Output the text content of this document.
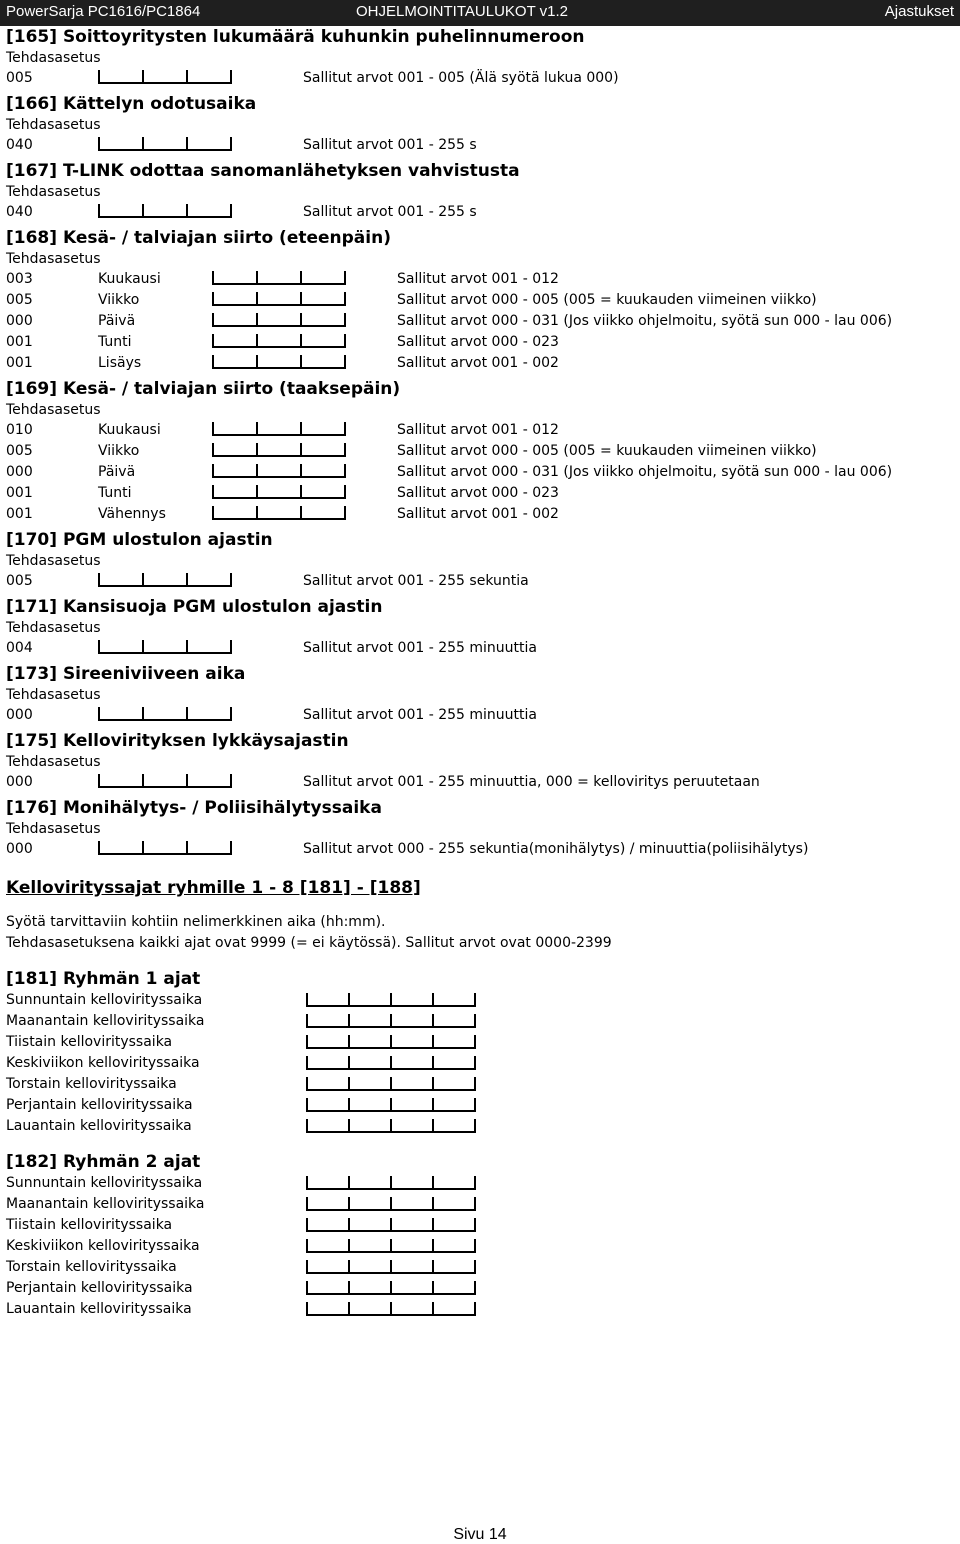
PowerSarja PC1616/PC1864	OHJELMOINTITAULUKOT v1.2	Ajastukset
[165] Soittoyritysten lukumäärä kuhunkin puhelinnumeroon
Tehdasasetus
005	Sallitut arvot 001 - 005 (Älä syötä lukua 000)
[166] Kättelyn odotusaika
Tehdasasetus
040	Sallitut arvot 001 - 255 s
[167] T-LINK odottaa sanomanlähetyksen vahvistusta
Tehdasasetus
040	Sallitut arvot 001 - 255 s
[168] Kesä- / talviajan siirto (eteenpäin)
Tehdasasetus
003	Kuukausi	Sallitut arvot 001 - 012
005	Viikko	Sallitut arvot 000 - 005 (005 = kuukauden viimeinen viikko)
000	Päivä	Sallitut arvot 000 - 031 (Jos viikko ohjelmoitu, syötä sun 000 - lau 006)
001	Tunti	Sallitut arvot 000 - 023
001	Lisäys	Sallitut arvot 001 - 002
[169] Kesä- / talviajan siirto (taaksepäin)
Tehdasasetus
010	Kuukausi	Sallitut arvot 001 - 012
005	Viikko	Sallitut arvot 000 - 005 (005 = kuukauden viimeinen viikko)
000	Päivä	Sallitut arvot 000 - 031 (Jos viikko ohjelmoitu, syötä sun 000 - lau 006)
001	Tunti	Sallitut arvot 000 - 023
001	Vähennys	Sallitut arvot 001 - 002
[170] PGM ulostulon ajastin
Tehdasasetus
005	Sallitut arvot 001 - 255 sekuntia
[171] Kansisuoja PGM ulostulon ajastin
Tehdasasetus
004	Sallitut arvot 001 - 255 minuuttia
[173] Sireeniviiveen aika
Tehdasasetus
000	Sallitut arvot 001 - 255 minuuttia
[175] Kellovirityksen lykkäysajastin
Tehdasasetus
000	Sallitut arvot 001 - 255 minuuttia, 000 = kelloviritys peruutetaan
[176] Monihälytys- / Poliisihälytyssaika
Tehdasasetus
000	Sallitut arvot 000 - 255 sekuntia(monihälytys) / minuuttia(poliisihälytys)
Kellovirityssajat ryhmille 1 - 8 [181] - [188]
Syötä tarvittaviin kohtiin nelimerkkinen aika (hh:mm).
Tehdasasetuksena kaikki ajat ovat 9999 (= ei käytössä). Sallitut arvot ovat 0000-2399
[181] Ryhmän 1 ajat
Sunnuntain kellovirityssaika
Maanantain kellovirityssaika
Tiistain kellovirityssaika
Keskiviikon kellovirityssaika
Torstain kellovirityssaika
Perjantain kellovirityssaika
Lauantain kellovirityssaika
[182] Ryhmän 2 ajat
Sunnuntain kellovirityssaika
Maanantain kellovirityssaika
Tiistain kellovirityssaika
Keskiviikon kellovirityssaika
Torstain kellovirityssaika
Perjantain kellovirityssaika
Lauantain kellovirityssaika
Sivu 14
